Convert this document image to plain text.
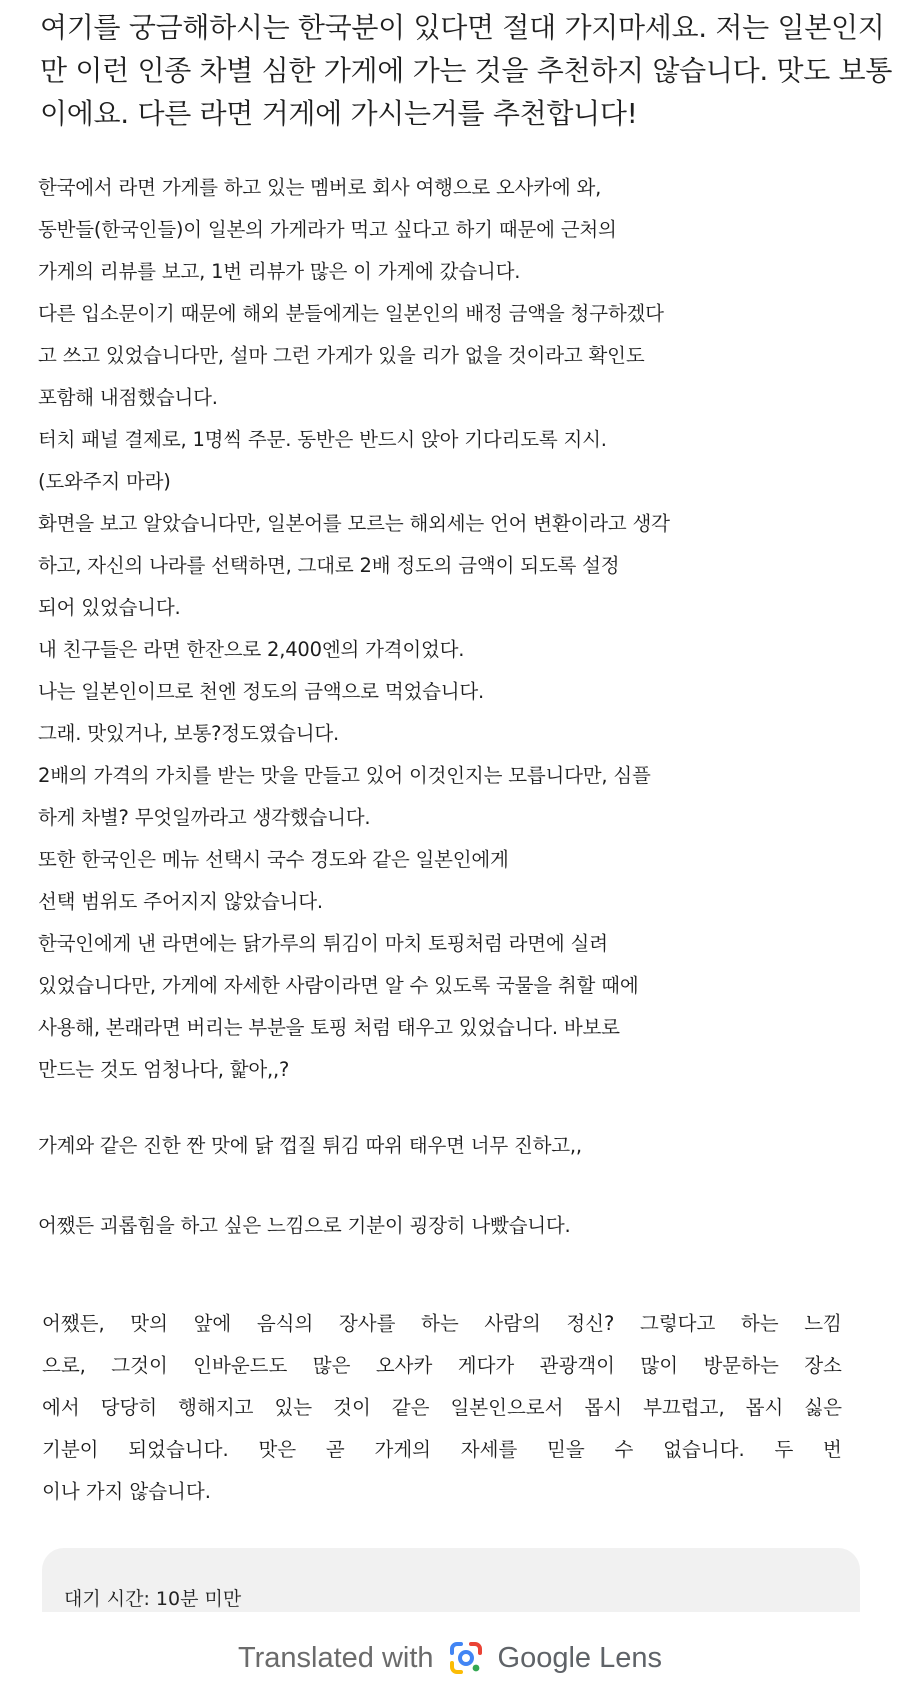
여기를 궁금해하시는 한국분이 있다면 절대 가지마세요. 저는 일본인지
만 이런 인종 차별 심한 가게에 가는 것을 추천하지 않습니다. 맛도 보통
이에요. 다른 라면 거게에 가시는거를 추천합니다!
한국에서 라면 가게를 하고 있는 멤버로 회사 여행으로 오사카에 와,
동반들(한국인들)이 일본의 가게라가 먹고 싶다고 하기 때문에 근처의
가게의 리뷰를 보고, 1번 리뷰가 많은 이 가게에 갔습니다.
다른 입소문이기 때문에 해외 분들에게는 일본인의 배정 금액을 청구하겠다
고 쓰고 있었습니다만, 설마 그런 가게가 있을 리가 없을 것이라고 확인도
포함해 내점했습니다.
터치 패널 결제로, 1명씩 주문. 동반은 반드시 앉아 기다리도록 지시.
(도와주지 마라)
화면을 보고 알았습니다만, 일본어를 모르는 해외세는 언어 변환이라고 생각
하고, 자신의 나라를 선택하면, 그대로 2배 정도의 금액이 되도록 설정
되어 있었습니다.
내 친구들은 라면 한잔으로 2,400엔의 가격이었다.
나는 일본인이므로 천엔 정도의 금액으로 먹었습니다.
그래. 맛있거나, 보통?정도였습니다.
2배의 가격의 가치를 받는 맛을 만들고 있어 이것인지는 모릅니다만, 심플
하게 차별? 무엇일까라고 생각했습니다.
또한 한국인은 메뉴 선택시 국수 경도와 같은 일본인에게
선택 범위도 주어지지 않았습니다.
한국인에게 낸 라면에는 닭가루의 튀김이 마치 토핑처럼 라면에 실려
있었습니다만, 가게에 자세한 사람이라면 알 수 있도록 국물을 취할 때에
사용해, 본래라면 버리는 부분을 토핑 처럼 태우고 있었습니다. 바보로
만드는 것도 엄청나다, 핥아,,?
가계와 같은 진한 짠 맛에 닭 껍질 튀김 따위 태우면 너무 진하고,,
어쨌든 괴롭힘을 하고 싶은 느낌으로 기분이 굉장히 나빴습니다.
어쨌든, 맛의 앞에 음식의 장사를 하는 사람의 정신? 그렇다고 하는 느낌
으로, 그것이 인바운드도 많은 오사카 게다가 관광객이 많이 방문하는 장소
에서 당당히 행해지고 있는 것이 같은 일본인으로서 몹시 부끄럽고, 몹시 싫은
기분이 되었습니다. 맛은 곧 가게의 자세를 믿을 수 없습니다. 두 번
이나 가지 않습니다.
대기 시간: 10분 미만
Translated with Google Lens
